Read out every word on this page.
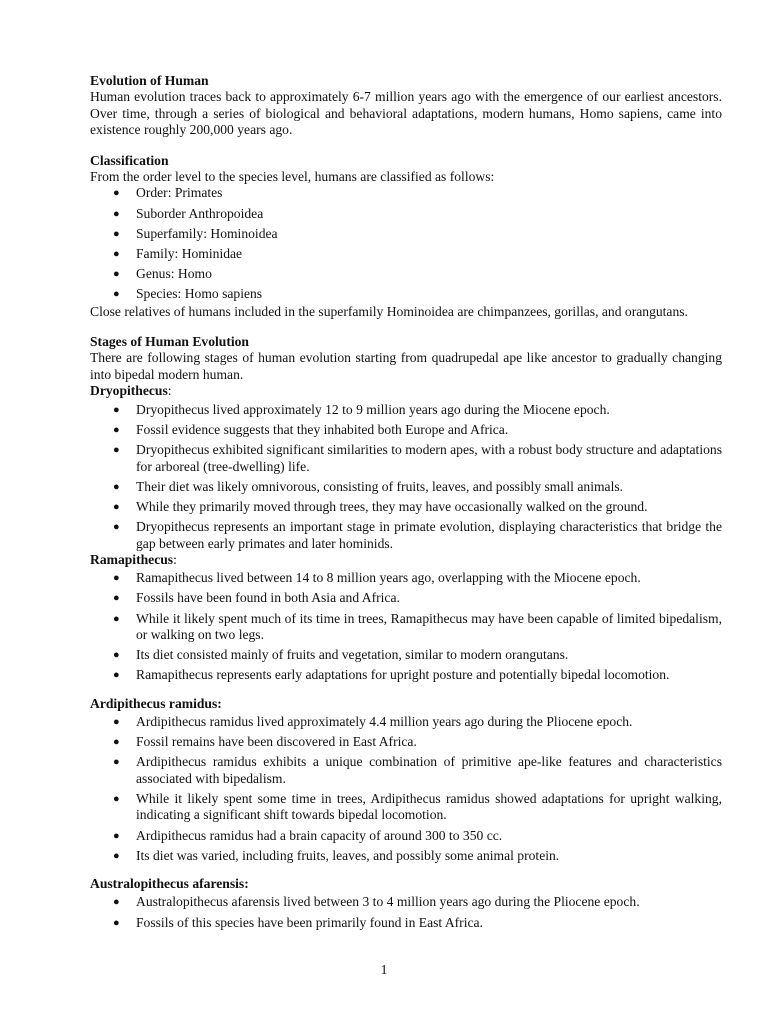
Evolution of Human

Human evolution traces back to approximately 6-7 million years ago with the emergence of our earliest ancestors. Over time, through a series of biological and behavioral adaptations, modern humans, Homo sapiens, came into existence roughly 200,000 years ago.

Classification

From the order level to the species level, humans are classified as follows:

● Order: Primates
● Suborder Anthropoidea
● Superfamily: Hominoidea
● Family: Hominidae
● Genus: Homo
● Species: Homo sapiens

Close relatives of humans included in the superfamily Hominoidea are chimpanzees, gorillas, and orangutans.

Stages of Human Evolution

There are following stages of human evolution starting from quadrupedal ape like ancestor to gradually changing into bipedal modern human.

Dryopithecus:

● Dryopithecus lived approximately 12 to 9 million years ago during the Miocene epoch.
● Fossil evidence suggests that they inhabited both Europe and Africa.
● Dryopithecus exhibited significant similarities to modern apes, with a robust body structure and adaptations for arboreal (tree-dwelling) life.
● Their diet was likely omnivorous, consisting of fruits, leaves, and possibly small animals.
● While they primarily moved through trees, they may have occasionally walked on the ground.
● Dryopithecus represents an important stage in primate evolution, displaying characteristics that bridge the gap between early primates and later hominids.

Ramapithecus:

● Ramapithecus lived between 14 to 8 million years ago, overlapping with the Miocene epoch.
● Fossils have been found in both Asia and Africa.
● While it likely spent much of its time in trees, Ramapithecus may have been capable of limited bipedalism, or walking on two legs.
● Its diet consisted mainly of fruits and vegetation, similar to modern orangutans.
● Ramapithecus represents early adaptations for upright posture and potentially bipedal locomotion.

Ardipithecus ramidus:

● Ardipithecus ramidus lived approximately 4.4 million years ago during the Pliocene epoch.
● Fossil remains have been discovered in East Africa.
● Ardipithecus ramidus exhibits a unique combination of primitive ape-like features and characteristics associated with bipedalism.
● While it likely spent some time in trees, Ardipithecus ramidus showed adaptations for upright walking, indicating a significant shift towards bipedal locomotion.
● Ardipithecus ramidus had a brain capacity of around 300 to 350 cc.
● Its diet was varied, including fruits, leaves, and possibly some animal protein.

Australopithecus afarensis:

● Australopithecus afarensis lived between 3 to 4 million years ago during the Pliocene epoch.
● Fossils of this species have been primarily found in East Africa.
1
